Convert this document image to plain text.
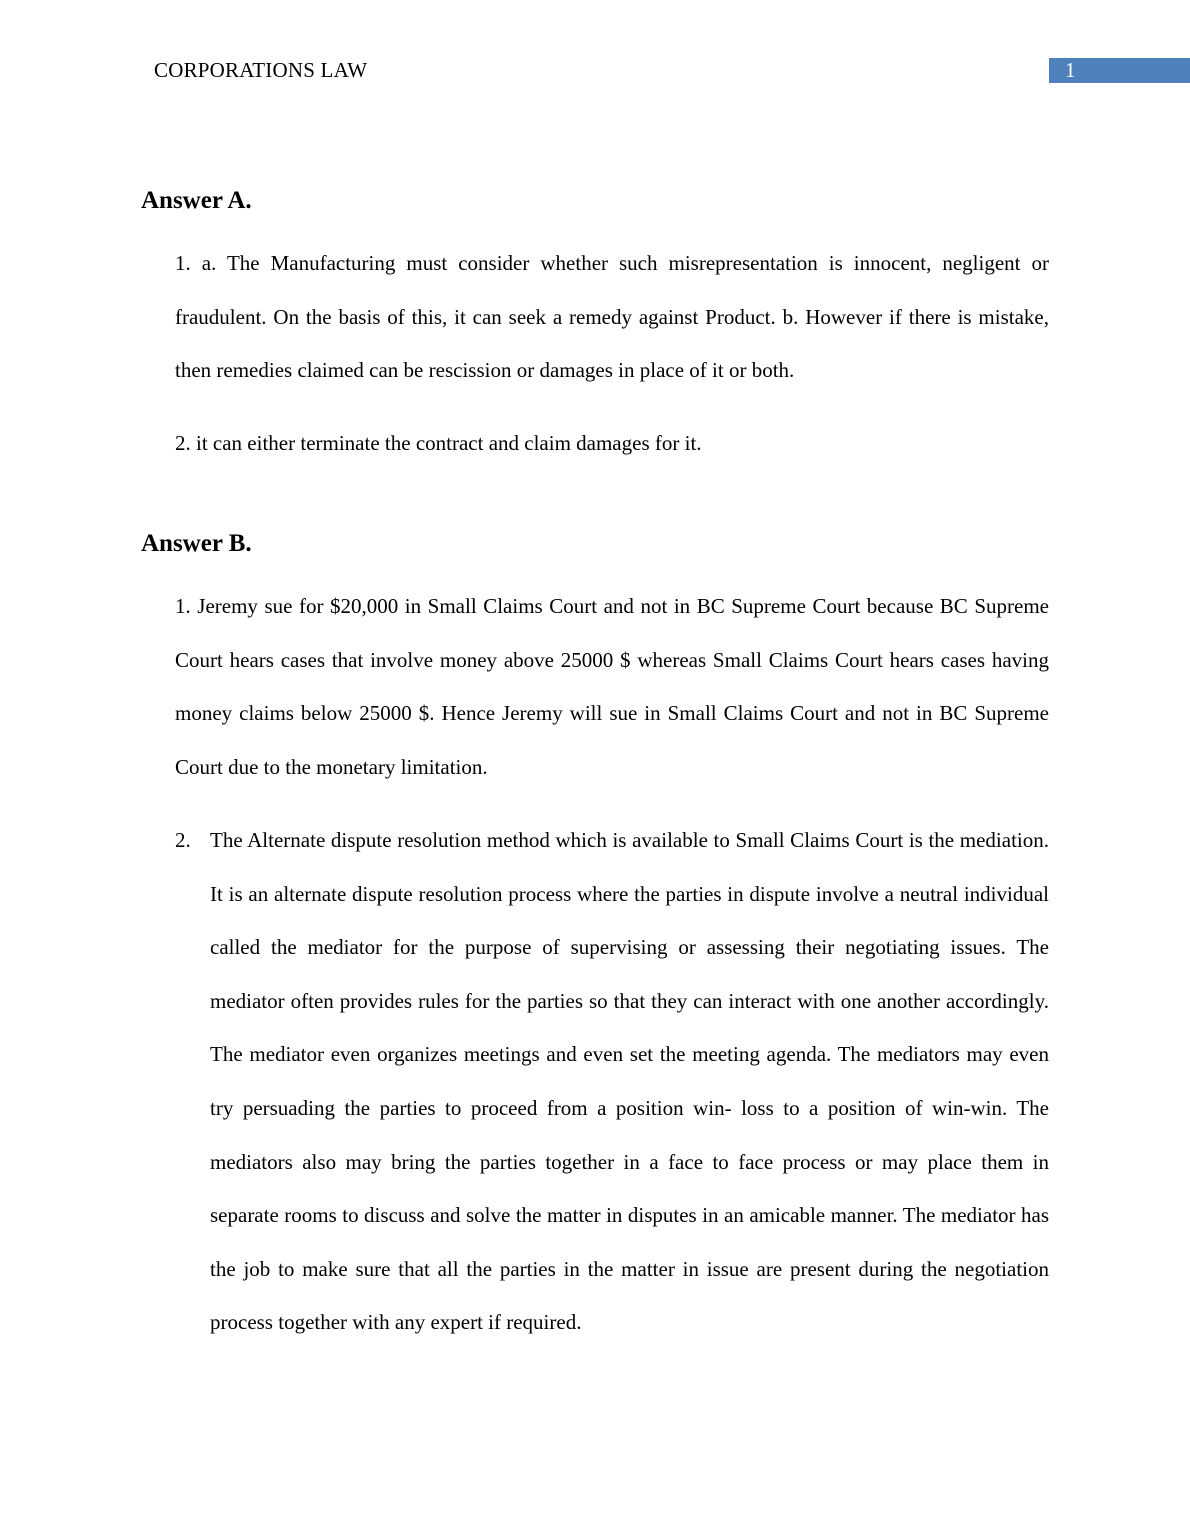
CORPORATIONS LAW	1
Answer A.

1. a. The Manufacturing must consider whether such misrepresentation is innocent, negligent or fraudulent. On the basis of this, it can seek a remedy against Product. b. However if there is mistake, then remedies claimed can be rescission or damages in place of it or both.

2. it can either terminate the contract and claim damages for it.

Answer B.

1. Jeremy sue for $20,000 in Small Claims Court and not in BC Supreme Court because BC Supreme Court hears cases that involve money above 25000 $ whereas Small Claims Court hears cases having money claims below 25000 $. Hence Jeremy will sue in Small Claims Court and not in BC Supreme Court due to the monetary limitation.

2. The Alternate dispute resolution method which is available to Small Claims Court is the mediation. It is an alternate dispute resolution process where the parties in dispute involve a neutral individual called the mediator for the purpose of supervising or assessing their negotiating issues. The mediator often provides rules for the parties so that they can interact with one another accordingly. The mediator even organizes meetings and even set the meeting agenda. The mediators may even try persuading the parties to proceed from a position win- loss to a position of win-win. The mediators also may bring the parties together in a face to face process or may place them in separate rooms to discuss and solve the matter in disputes in an amicable manner. The mediator has the job to make sure that all the parties in the matter in issue are present during the negotiation process together with any expert if required.
